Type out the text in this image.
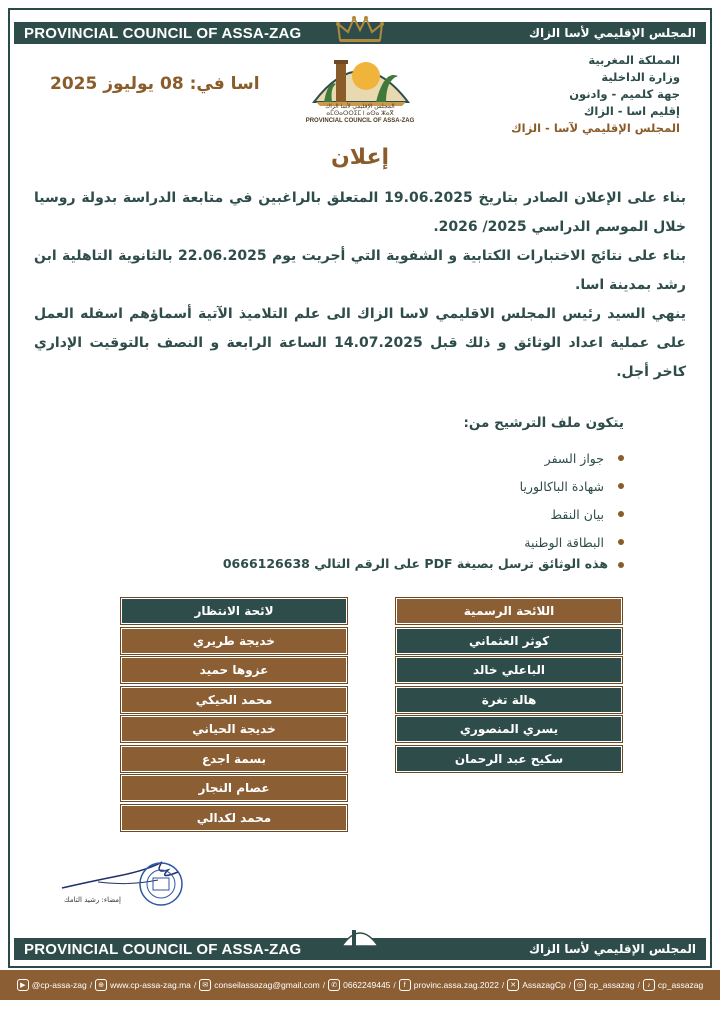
PROVINCIAL COUNCIL OF ASSA-ZAG	المجلس الإقليمي لأسا الزاك
المجلس الإقليمي لأسا الزاك
ⴰⵎⵙⴰⵔⵔⵉⵎ ⵏ ⴰⵙⴰ ⵣⴰⴳ
PROVINCIAL COUNCIL OF ASSA-ZAG
المملكة المغربية
وزارة الداخلية
جهة كلميم - وادنون
إقليم اسا - الزاك
المجلس الإقليمي لآسا - الزاك
اسا في: 08 يوليوز 2025
إعلان

بناء على الإعلان الصادر بتاريخ 19.06.2025 المتعلق بالراغبين في متابعة الدراسة بدولة روسيا خلال الموسم الدراسي 2025/ 2026.

بناء على نتائج الاختبارات الكتابية و الشفوية التي أجريت يوم 22.06.2025 بالثانوية التاهلية ابن رشد بمدينة اسا.

ينهي السيد رئيس المجلس الاقليمي لاسا الزاك الى علم التلاميذ الآتية أسماؤهم اسفله العمل على عملية اعداد الوثائق و ذلك قبل 14.07.2025 الساعة الرابعة و النصف بالتوقيت الإداري كاخر أجل.

يتكون ملف الترشيح من:
جواز السفر
شهادة الباكالوريا
بيان النقط
البطاقة الوطنية
هذه الوثائق ترسل بصيغة PDF على الرقم التالي 0666126638
اللائحة الرسمية
كوثر العثماني
الباعلي خالد
هالة تغرة
يسري المنصوري
سكيح عبد الرحمان
لائحة الانتظار
خديجة طريري
عزوها حميد
محمد الحيكي
خديجة الحياني
بسمة اجدع
عصام النجار
محمد لكدالي
إمضاء: رشيد التامك
PROVINCIAL COUNCIL OF ASSA-ZAG	المجلس الإقليمي لأسا الزاك
▶ @cp-assa-zag / ⊕ www.cp-assa-zag.ma / ✉ conseilassazag@gmail.com / ✆ 0662249445 /	f provinc.assa.zag.2022 / ✕ AssazagCp / ◎ cp_assazag /	♪ cp_assazag
